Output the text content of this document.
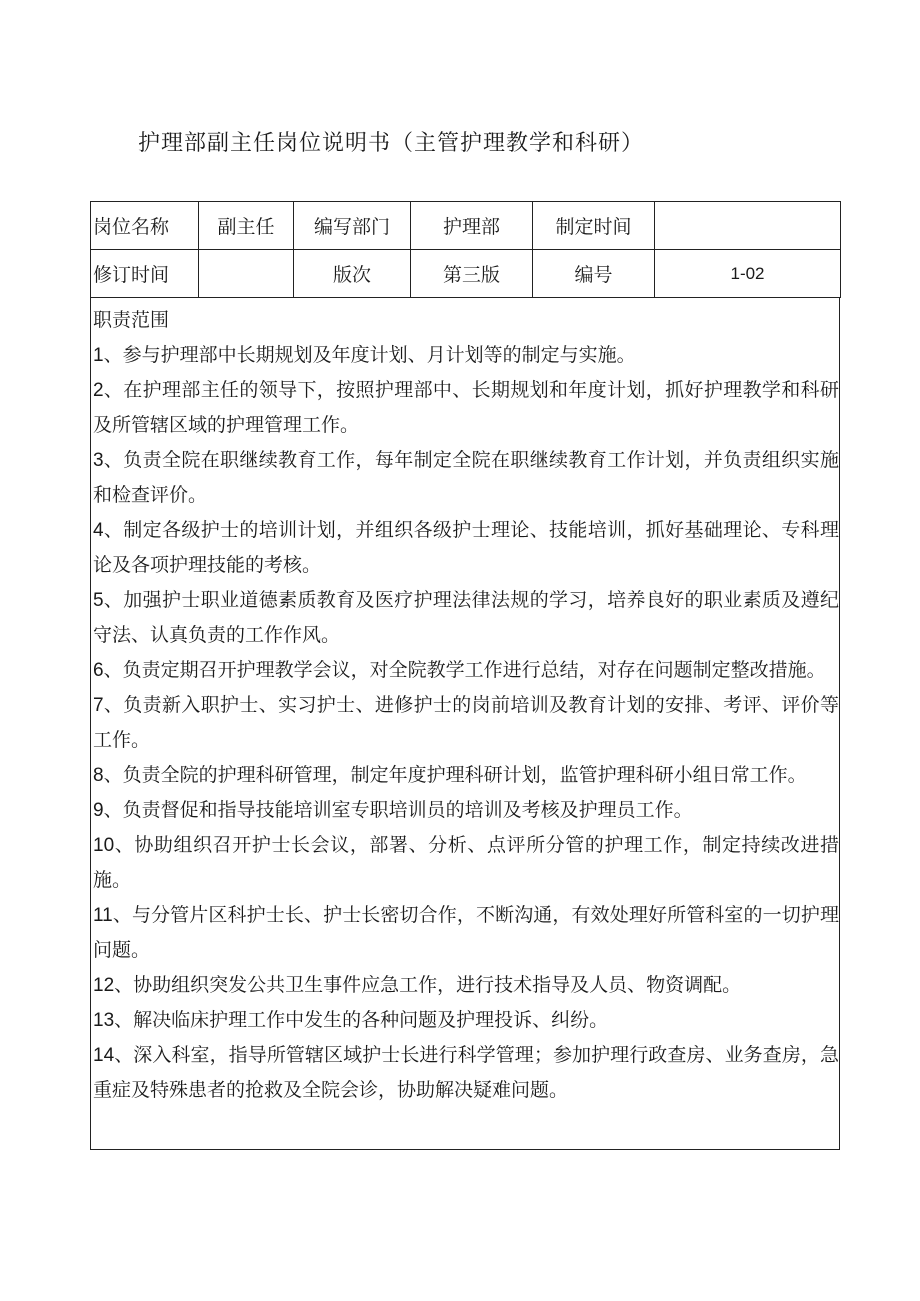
护理部副主任岗位说明书（主管护理教学和科研）
岗位名称	副主任	编写部门	护理部	制定时间	
修订时间		版次	第三版	编号	1-02

职责范围

1、参与护理部中长期规划及年度计划、月计划等的制定与实施。

2、在护理部主任的领导下，按照护理部中、长期规划和年度计划，抓好护理教学和科研及所管辖区域的护理管理工作。

3、负责全院在职继续教育工作，每年制定全院在职继续教育工作计划，并负责组织实施和检查评价。

4、制定各级护士的培训计划，并组织各级护士理论、技能培训，抓好基础理论、专科理论及各项护理技能的考核。

5、加强护士职业道德素质教育及医疗护理法律法规的学习，培养良好的职业素质及遵纪守法、认真负责的工作作风。

6、负责定期召开护理教学会议，对全院教学工作进行总结，对存在问题制定整改措施。

7、负责新入职护士、实习护士、进修护士的岗前培训及教育计划的安排、考评、评价等工作。

8、负责全院的护理科研管理，制定年度护理科研计划，监管护理科研小组日常工作。

9、负责督促和指导技能培训室专职培训员的培训及考核及护理员工作。

10、协助组织召开护士长会议，部署、分析、点评所分管的护理工作，制定持续改进措施。

11、与分管片区科护士长、护士长密切合作，不断沟通，有效处理好所管科室的一切护理问题。

12、协助组织突发公共卫生事件应急工作，进行技术指导及人员、物资调配。

13、解决临床护理工作中发生的各种问题及护理投诉、纠纷。

14、深入科室，指导所管辖区域护士长进行科学管理；参加护理行政查房、业务查房，急重症及特殊患者的抢救及全院会诊，协助解决疑难问题。
